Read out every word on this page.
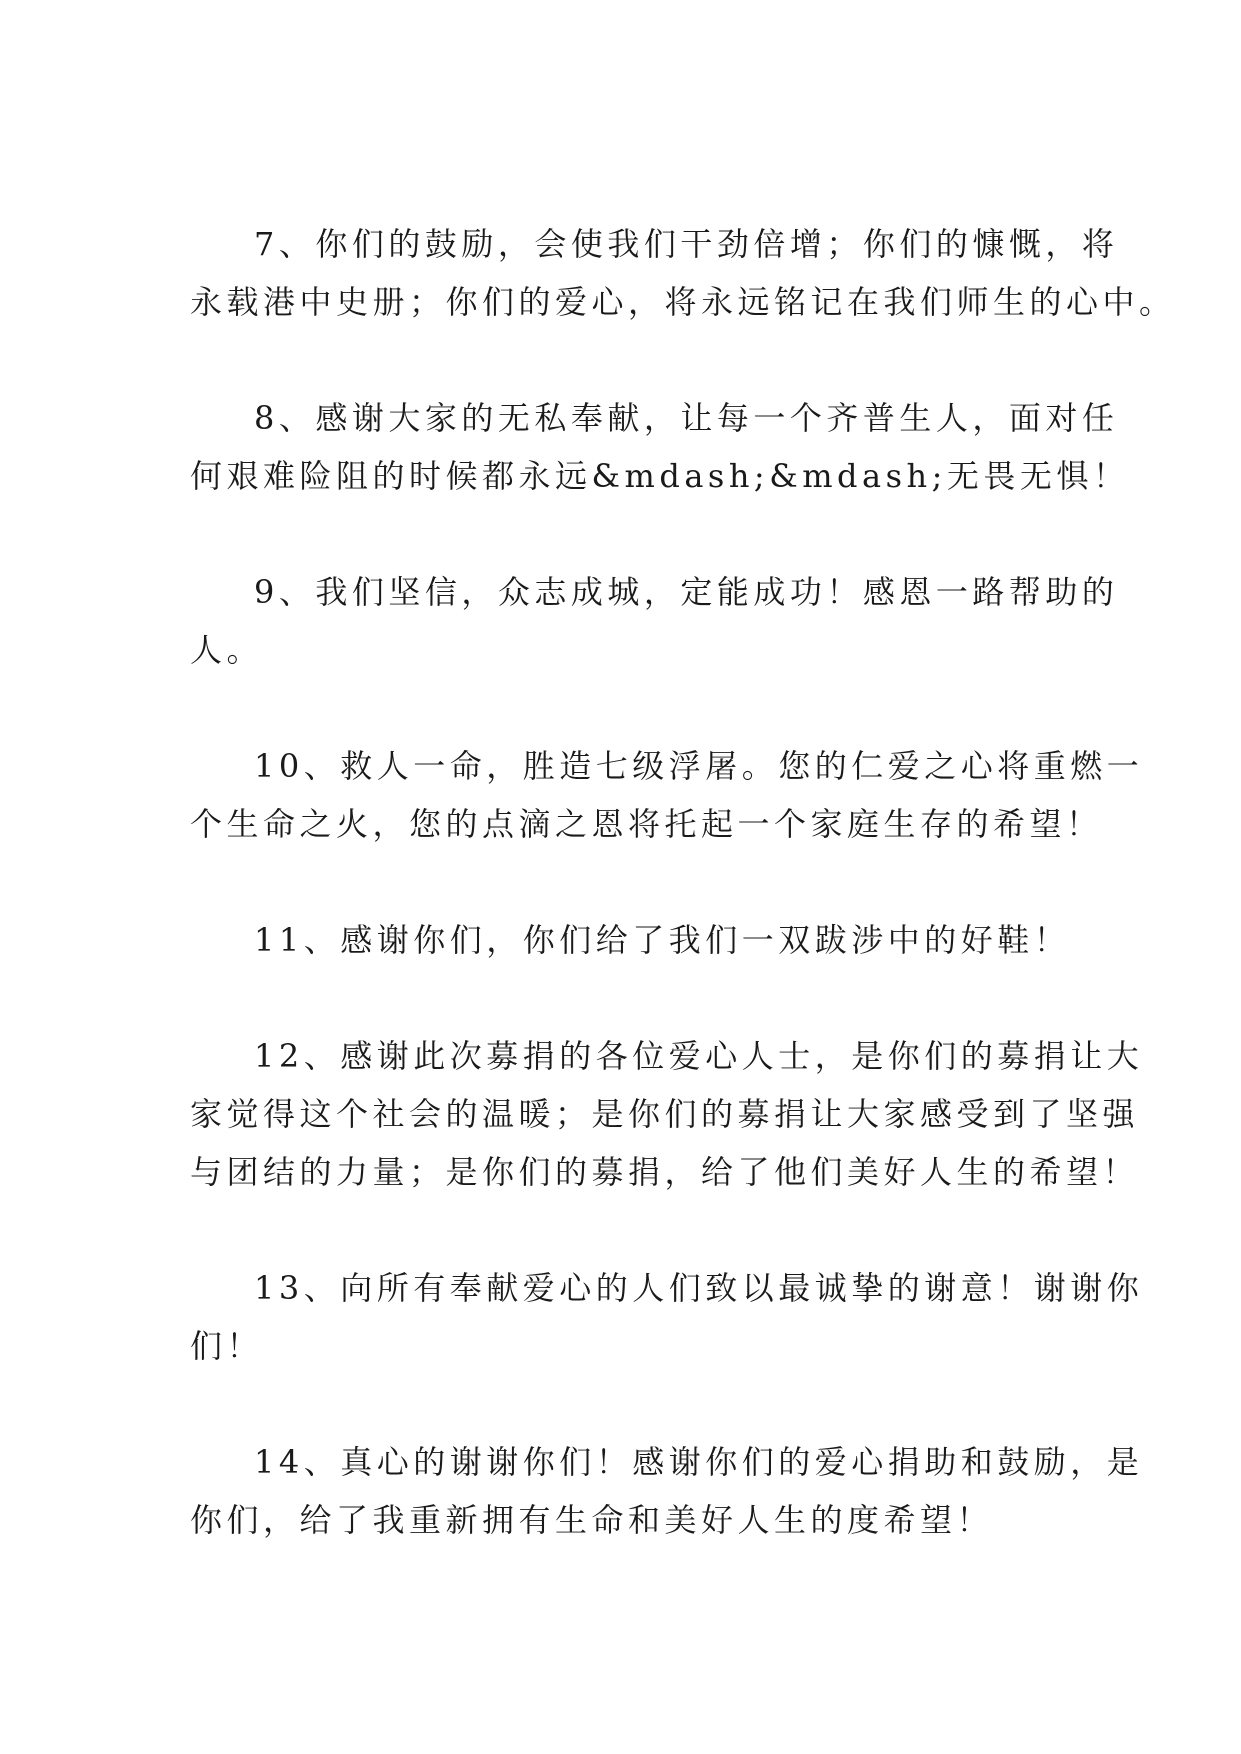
7、你们的鼓励，会使我们干劲倍增；你们的慷慨，将
永载港中史册；你们的爱心，将永远铭记在我们师生的心中。
8、感谢大家的无私奉献，让每一个齐普生人，面对任
何艰难险阻的时候都永远&mdash;&mdash;无畏无惧！
9、我们坚信，众志成城，定能成功！感恩一路帮助的
人。
10、救人一命，胜造七级浮屠。您的仁爱之心将重燃一
个生命之火，您的点滴之恩将托起一个家庭生存的希望！
11、感谢你们，你们给了我们一双跋涉中的好鞋！
12、感谢此次募捐的各位爱心人士，是你们的募捐让大
家觉得这个社会的温暖；是你们的募捐让大家感受到了坚强
与团结的力量；是你们的募捐，给了他们美好人生的希望！
13、向所有奉献爱心的人们致以最诚挚的谢意！谢谢你
们！
14、真心的谢谢你们！感谢你们的爱心捐助和鼓励，是
你们，给了我重新拥有生命和美好人生的度希望！
